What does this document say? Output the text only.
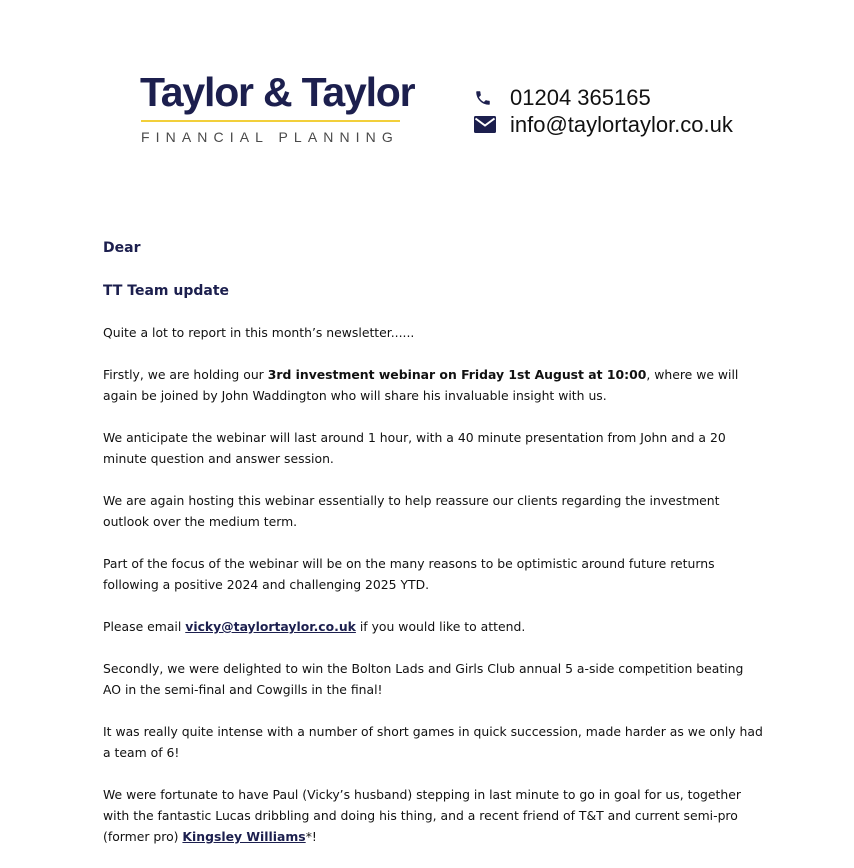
Taylor & Taylor
FINANCIAL PLANNING
01204 365165
info@taylortaylor.co.uk
Dear
TT Team update

Quite a lot to report in this month’s newsletter......

Firstly, we are holding our 3rd investment webinar on Friday 1st August at 10:00, where we will again be joined by John Waddington who will share his invaluable insight with us.

We anticipate the webinar will last around 1 hour, with a 40 minute presentation from John and a 20 minute question and answer session.

We are again hosting this webinar essentially to help reassure our clients regarding the investment outlook over the medium term.

Part of the focus of the webinar will be on the many reasons to be optimistic around future returns following a positive 2024 and challenging 2025 YTD.

Please email vicky@taylortaylor.co.uk if you would like to attend.

Secondly, we were delighted to win the Bolton Lads and Girls Club annual 5 a-side competition beating AO in the semi-final and Cowgills in the final!

It was really quite intense with a number of short games in quick succession, made harder as we only had a team of 6!

We were fortunate to have Paul (Vicky’s husband) stepping in last minute to go in goal for us, together with the fantastic Lucas dribbling and doing his thing, and a recent friend of T&T and current semi-pro (former pro) Kingsley Williams*!
